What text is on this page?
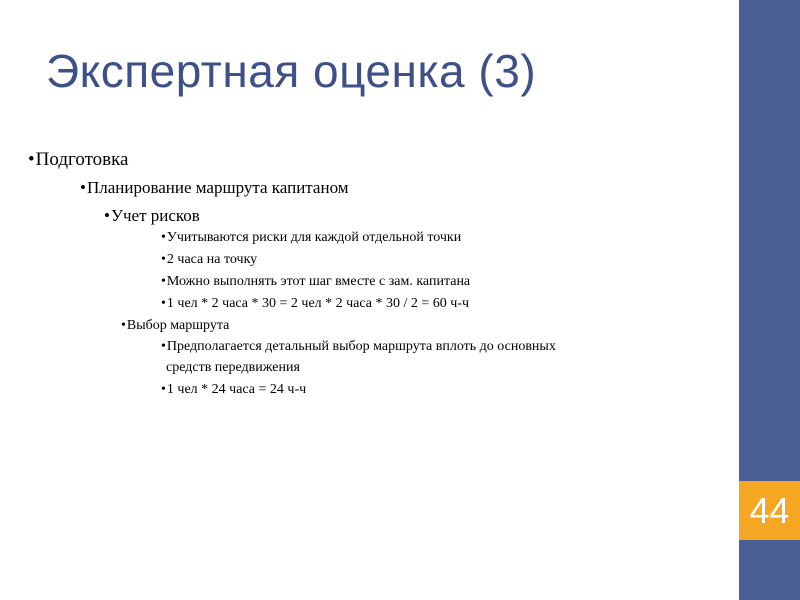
44
Экспертная оценка (3)
•Подготовка
•Планирование маршрута капитаном
•Учет рисков
•Учитываются риски для каждой отдельной точки
•2 часа на точку
•Можно выполнять этот шаг вместе с зам. капитана
•1 чел * 2 часа * 30 = 2 чел * 2 часа * 30 / 2 = 60 ч-ч
•Выбор маршрута
•Предполагается детальный выбор маршрута вплоть до основных
средств передвижения
•1 чел * 24 часа = 24 ч-ч
